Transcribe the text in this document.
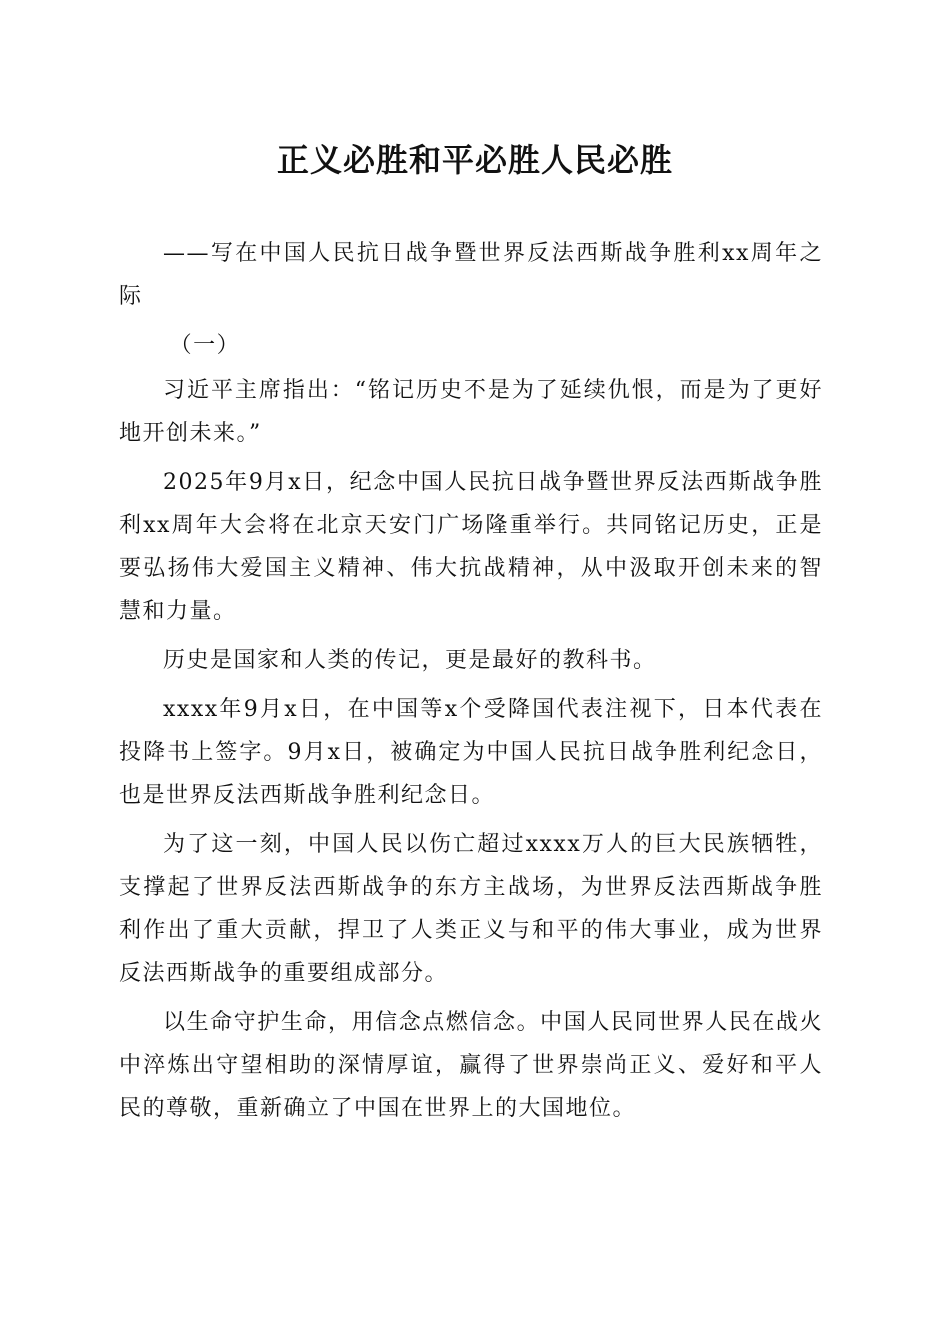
正义必胜和平必胜人民必胜

——写在中国人民抗日战争暨世界反法西斯战争胜利xx周年之际

（一）

习近平主席指出：“铭记历史不是为了延续仇恨，而是为了更好地开创未来。”

2025年9月x日，纪念中国人民抗日战争暨世界反法西斯战争胜利xx周年大会将在北京天安门广场隆重举行。共同铭记历史，正是要弘扬伟大爱国主义精神、伟大抗战精神，从中汲取开创未来的智慧和力量。

历史是国家和人类的传记，更是最好的教科书。

xxxx年9月x日，在中国等x个受降国代表注视下，日本代表在投降书上签字。9月x日，被确定为中国人民抗日战争胜利纪念日，也是世界反法西斯战争胜利纪念日。

为了这一刻，中国人民以伤亡超过xxxx万人的巨大民族牺牲，支撑起了世界反法西斯战争的东方主战场，为世界反法西斯战争胜利作出了重大贡献，捍卫了人类正义与和平的伟大事业，成为世界反法西斯战争的重要组成部分。

以生命守护生命，用信念点燃信念。中国人民同世界人民在战火中淬炼出守望相助的深情厚谊，赢得了世界崇尚正义、爱好和平人民的尊敬，重新确立了中国在世界上的大国地位。
